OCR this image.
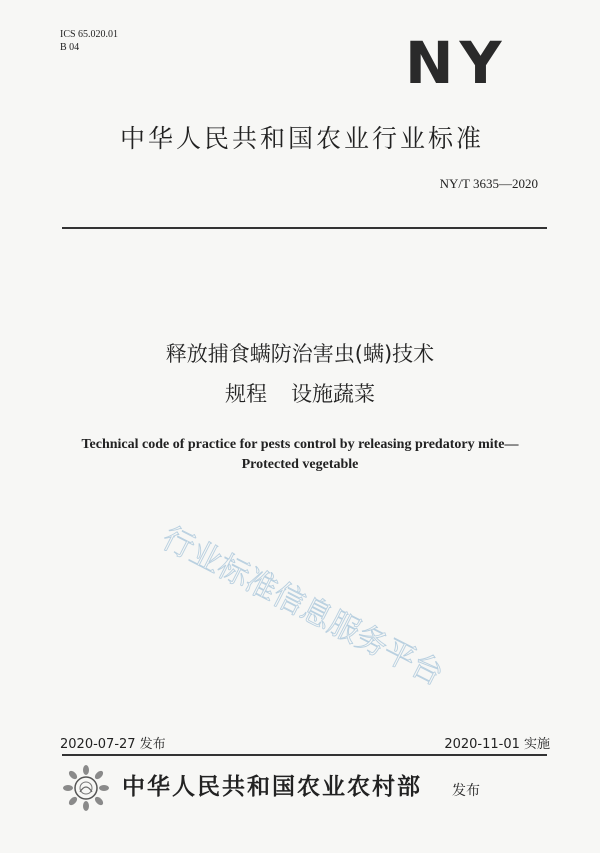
ICS 65.020.01
B 04	NY
中华人民共和国农业行业标准
NY/T 3635—2020
释放捕食螨防治害虫(螨)技术
规程 设施蔬菜
Technical code of practice for pests control by releasing predatory mite—
Protected vegetable
行业标准信息服务平台
2020-07-27 发布	2020-11-01 实施
中华人民共和国农业农村部 发布
